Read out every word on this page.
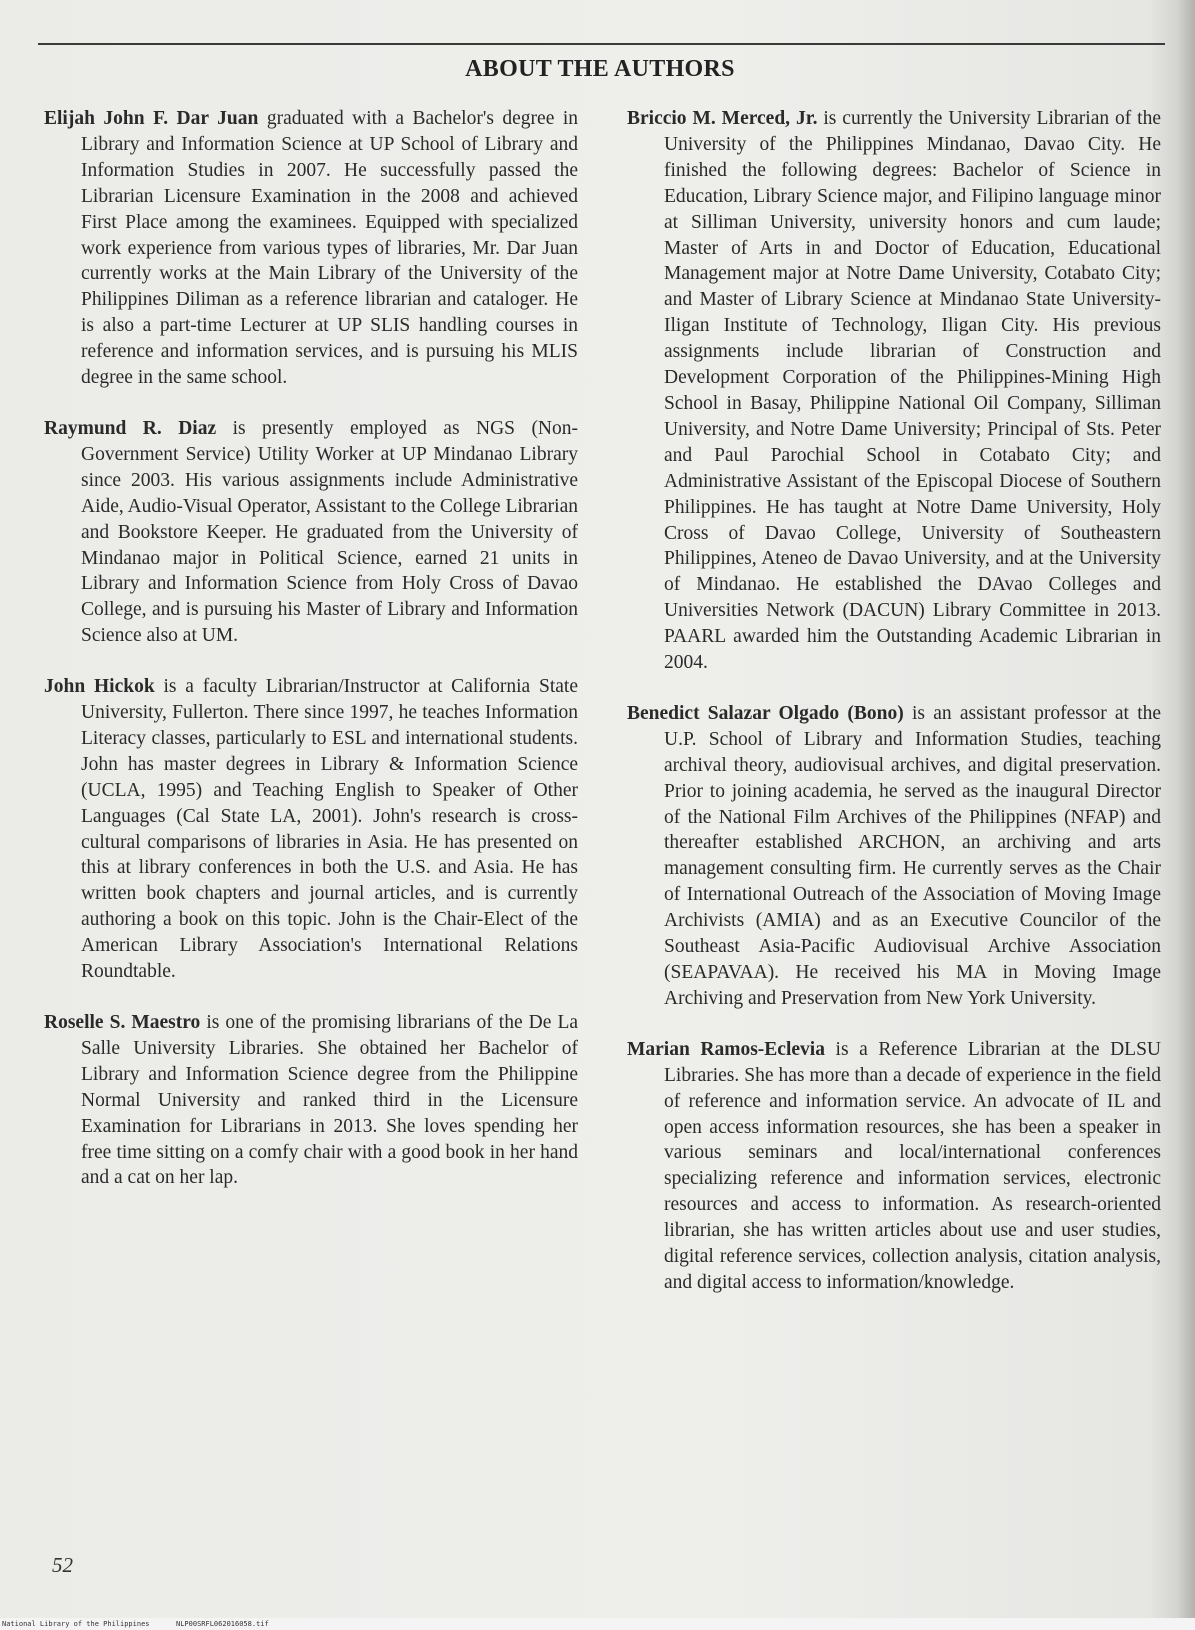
ABOUT THE AUTHORS

Elijah John F. Dar Juan graduated with a Bachelor's degree in Library and Information Science at UP School of Library and Information Studies in 2007. He successfully passed the Librarian Licensure Examination in the 2008 and achieved First Place among the examinees. Equipped with specialized work experience from various types of libraries, Mr. Dar Juan currently works at the Main Library of the University of the Philippines Diliman as a reference librarian and cataloger. He is also a part-time Lecturer at UP SLIS handling courses in reference and information services, and is pursuing his MLIS degree in the same school.

Raymund R. Diaz is presently employed as NGS (Non-Government Service) Utility Worker at UP Mindanao Library since 2003. His various assignments include Administrative Aide, Audio-Visual Operator, Assistant to the College Librarian and Bookstore Keeper. He graduated from the University of Mindanao major in Political Science, earned 21 units in Library and Information Science from Holy Cross of Davao College, and is pursuing his Master of Library and Information Science also at UM.

John Hickok is a faculty Librarian/Instructor at California State University, Fullerton. There since 1997, he teaches Information Literacy classes, particularly to ESL and international students. John has master degrees in Library & Information Science (UCLA, 1995) and Teaching English to Speaker of Other Languages (Cal State LA, 2001). John's research is cross-cultural comparisons of libraries in Asia. He has presented on this at library conferences in both the U.S. and Asia. He has written book chapters and journal articles, and is currently authoring a book on this topic. John is the Chair-Elect of the American Library Association's International Relations Roundtable.

Roselle S. Maestro is one of the promising librarians of the De La Salle University Libraries. She obtained her Bachelor of Library and Information Science degree from the Philippine Normal University and ranked third in the Licensure Examination for Librarians in 2013. She loves spending her free time sitting on a comfy chair with a good book in her hand and a cat on her lap.

Briccio M. Merced, Jr. is currently the University Librarian of the University of the Philippines Mindanao, Davao City. He finished the following degrees: Bachelor of Science in Education, Library Science major, and Filipino language minor at Silliman University, university honors and cum laude; Master of Arts in and Doctor of Education, Educational Management major at Notre Dame University, Cotabato City; and Master of Library Science at Mindanao State University-Iligan Institute of Technology, Iligan City. His previous assignments include librarian of Construction and Development Corporation of the Philippines-Mining High School in Basay, Philippine National Oil Company, Silliman University, and Notre Dame University; Principal of Sts. Peter and Paul Parochial School in Cotabato City; and Administrative Assistant of the Episcopal Diocese of Southern Philippines. He has taught at Notre Dame University, Holy Cross of Davao College, University of Southeastern Philippines, Ateneo de Davao University, and at the University of Mindanao. He established the DAvao Colleges and Universities Network (DACUN) Library Committee in 2013. PAARL awarded him the Outstanding Academic Librarian in 2004.

Benedict Salazar Olgado (Bono) is an assistant professor at the U.P. School of Library and Information Studies, teaching archival theory, audiovisual archives, and digital preservation. Prior to joining academia, he served as the inaugural Director of the National Film Archives of the Philippines (NFAP) and thereafter established ARCHON, an archiving and arts management consulting firm. He currently serves as the Chair of International Outreach of the Association of Moving Image Archivists (AMIA) and as an Executive Councilor of the Southeast Asia-Pacific Audiovisual Archive Association (SEAPAVAA). He received his MA in Moving Image Archiving and Preservation from New York University.

Marian Ramos-Eclevia is a Reference Librarian at the DLSU Libraries. She has more than a decade of experience in the field of reference and information service. An advocate of IL and open access information resources, she has been a speaker in various seminars and local/international conferences specializing reference and information services, electronic resources and access to information. As research-oriented librarian, she has written articles about use and user studies, digital reference services, collection analysis, citation analysis, and digital access to information/knowledge.

52
National Library of the Philippines	NLP00SRFL062016058.tif
